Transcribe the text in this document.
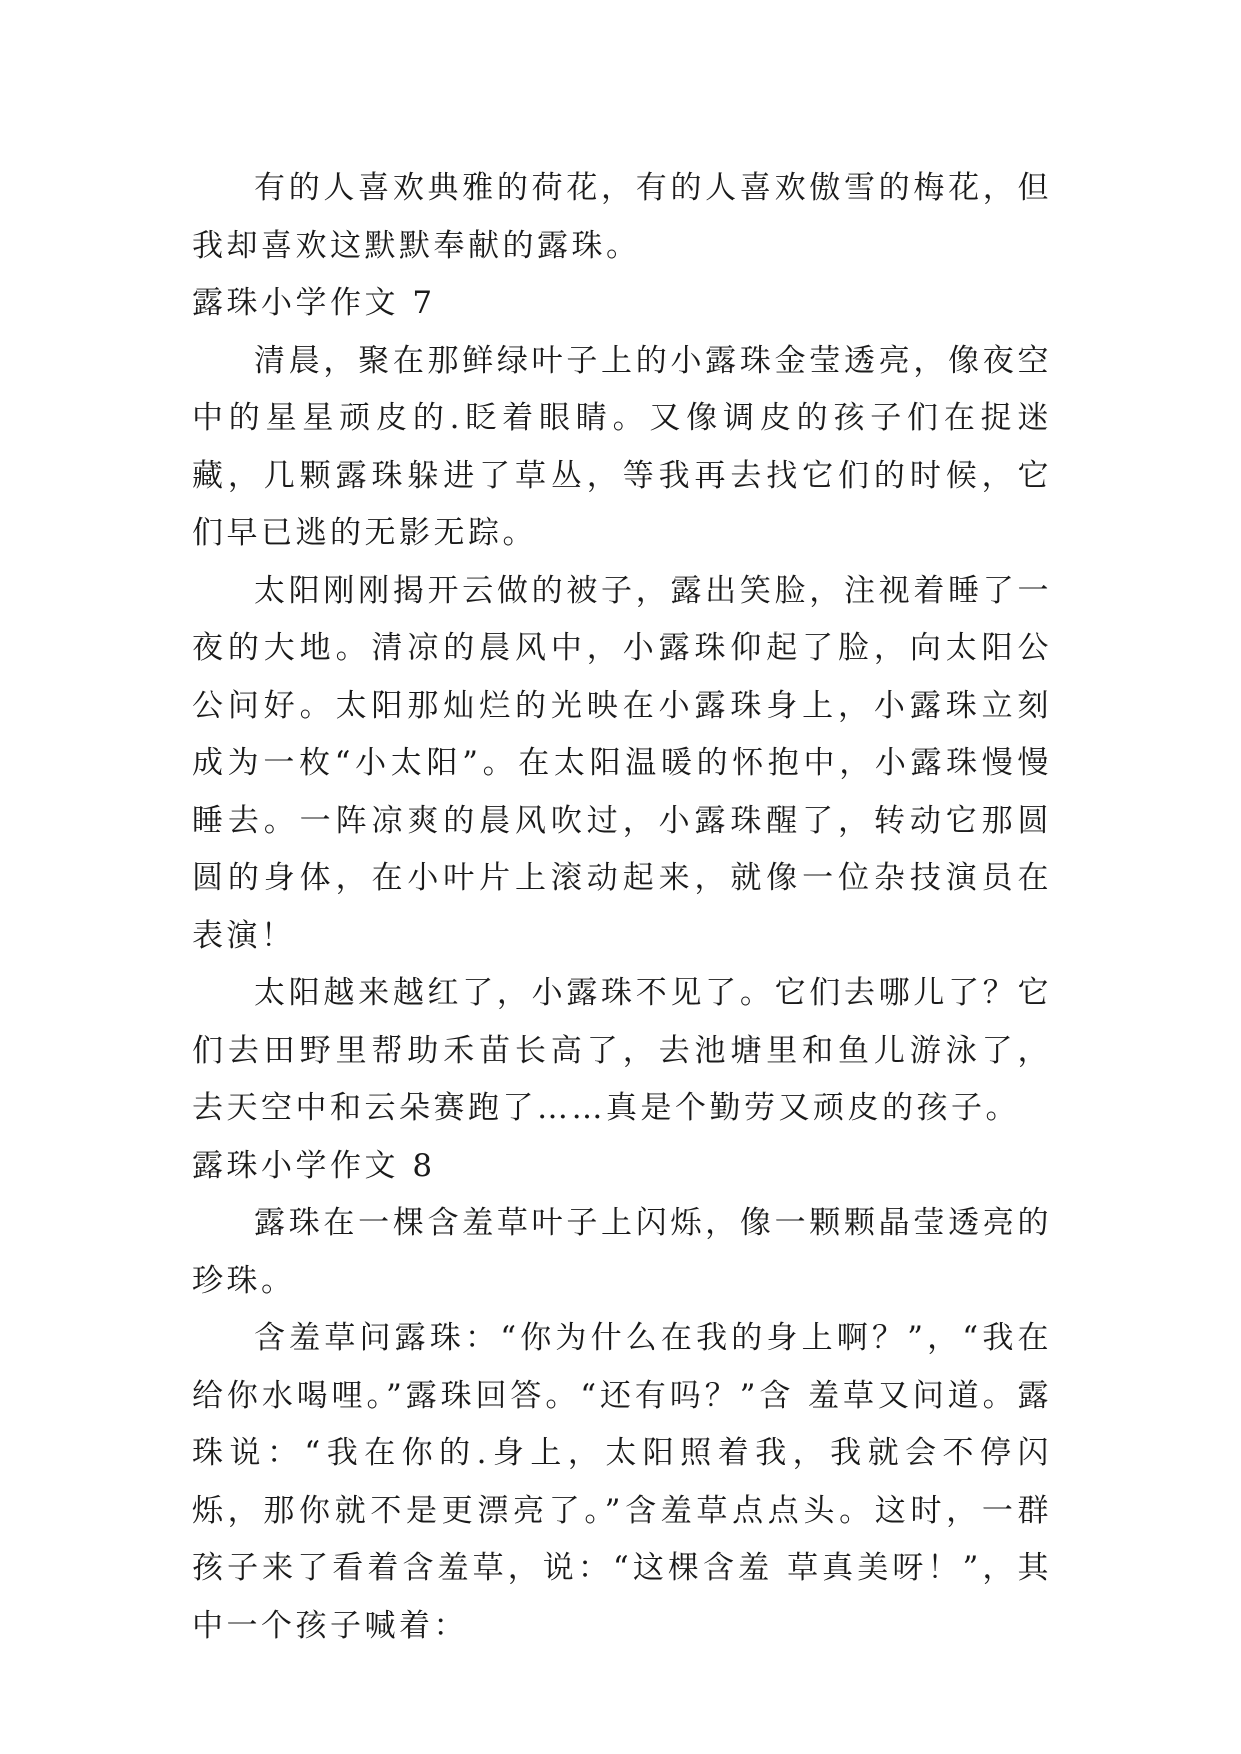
有的人喜欢典雅的荷花，有的人喜欢傲雪的梅花，但我却喜欢这默默奉献的露珠。

露珠小学作文 7

清晨，聚在那鲜绿叶子上的小露珠金莹透亮，像夜空中的星星顽皮的.眨着眼睛。又像调皮的孩子们在捉迷藏，几颗露珠躲进了草丛，等我再去找它们的时候，它们早已逃的无影无踪。

太阳刚刚揭开云做的被子，露出笑脸，注视着睡了一夜的大地。清凉的晨风中，小露珠仰起了脸，向太阳公公问好。太阳那灿烂的光映在小露珠身上，小露珠立刻成为一枚“小太阳”。在太阳温暖的怀抱中，小露珠慢慢睡去。一阵凉爽的晨风吹过，小露珠醒了，转动它那圆圆的身体，在小叶片上滚动起来，就像一位杂技演员在表演！

太阳越来越红了，小露珠不见了。它们去哪儿了？它们去田野里帮助禾苗长高了，去池塘里和鱼儿游泳了，去天空中和云朵赛跑了……真是个勤劳又顽皮的孩子。

露珠小学作文 8

露珠在一棵含羞草叶子上闪烁，像一颗颗晶莹透亮的珍珠。

含羞草问露珠：“你为什么在我的身上啊？”，“我在给你水喝哩。”露珠回答。“还有吗？”含 羞草又问道。露珠说：“我在你的.身上，太阳照着我，我就会不停闪烁，那你就不是更漂亮了。”含羞草点点头。这时，一群孩子来了看着含羞草，说：“这棵含羞 草真美呀！”，其中一个孩子喊着：
